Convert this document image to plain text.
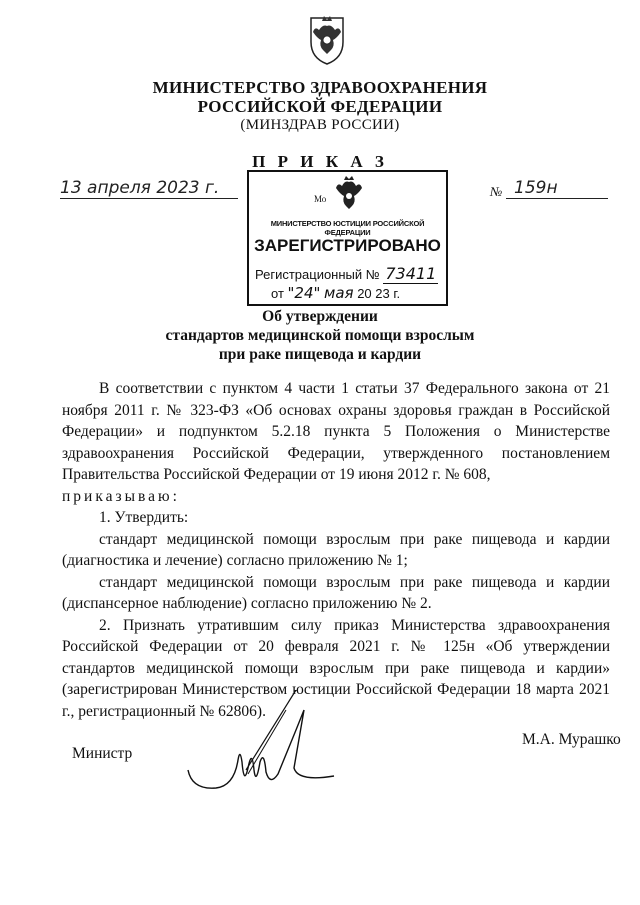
МИНИСТЕРСТВО ЗДРАВООХРАНЕНИЯ
РОССИЙСКОЙ ФЕДЕРАЦИИ
(МИНЗДРАВ РОССИИ)
П Р И К А З
13 апреля 2023 г.	№ 159н
Мо
МИНИСТЕРСТВО ЮСТИЦИИ РОССИЙСКОЙ ФЕДЕРАЦИИ
ЗАРЕГИСТРИРОВАНО
Регистрационный № 73411
от "24" мая 20 23 г.
Об утверждении
стандартов медицинской помощи взрослым
при раке пищевода и кардии

В соответствии с пунктом 4 части 1 статьи 37 Федерального закона от 21 ноября 2011 г. № 323-ФЗ «Об основах охраны здоровья граждан в Российской Федерации» и подпунктом 5.2.18 пункта 5 Положения о Министерстве здравоохранения Российской Федерации, утвержденного постановлением Правительства Российской Федерации от 19 июня 2012 г. № 608,

приказываю:

1. Утвердить:

стандарт медицинской помощи взрослым при раке пищевода и кардии (диагностика и лечение) согласно приложению № 1;

стандарт медицинской помощи взрослым при раке пищевода и кардии (диспансерное наблюдение) согласно приложению № 2.

2. Признать утратившим силу приказ Министерства здравоохранения Российской Федерации от 20 февраля 2021 г. № 125н «Об утверждении стандартов медицинской помощи взрослым при раке пищевода и кардии» (зарегистрирован Министерством юстиции Российской Федерации 18 марта 2021 г., регистрационный № 62806).

Министр
М.А. Мурашко
